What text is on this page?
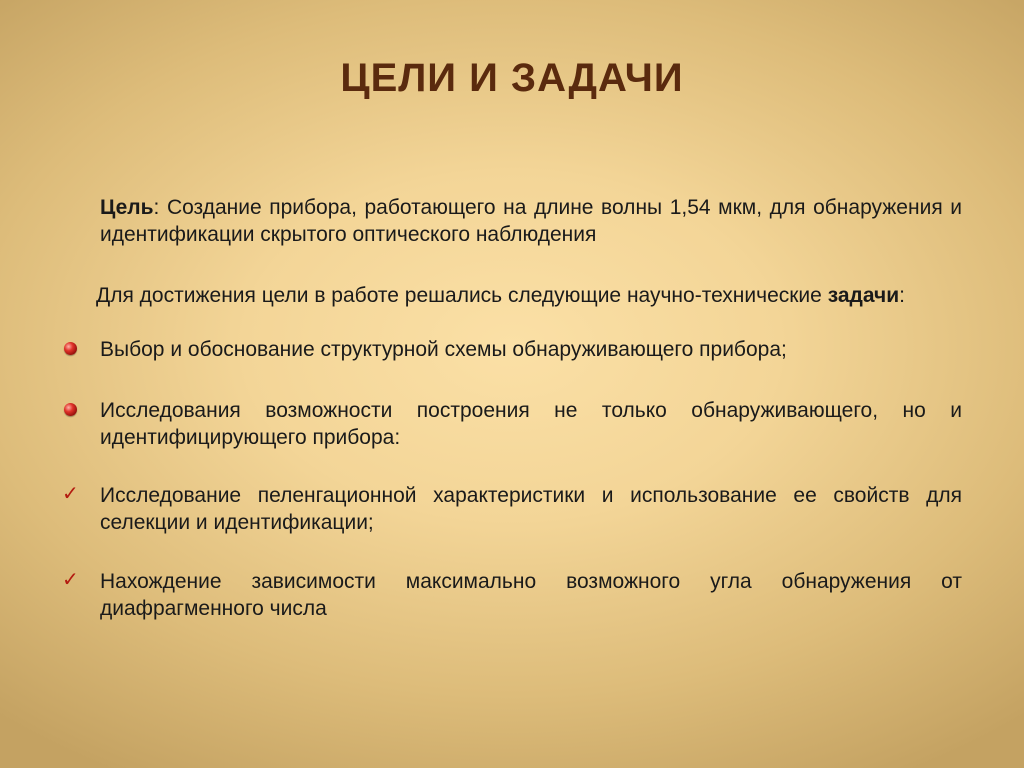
ЦЕЛИ И ЗАДАЧИ
Цель: Создание прибора, работающего на длине волны 1,54 мкм, для обнаружения и идентификации скрытого оптического наблюдения
Для достижения цели в работе решались следующие научно-технические задачи:
Выбор и обоснование структурной схемы обнаруживающего прибора;
Исследования возможности построения не только обнаруживающего, но и идентифицирующего прибора:
✓ Исследование пеленгационной характеристики и использование ее свойств для селекции и идентификации;
✓ Нахождение зависимости максимально возможного угла обнаружения от диафрагменного числа
